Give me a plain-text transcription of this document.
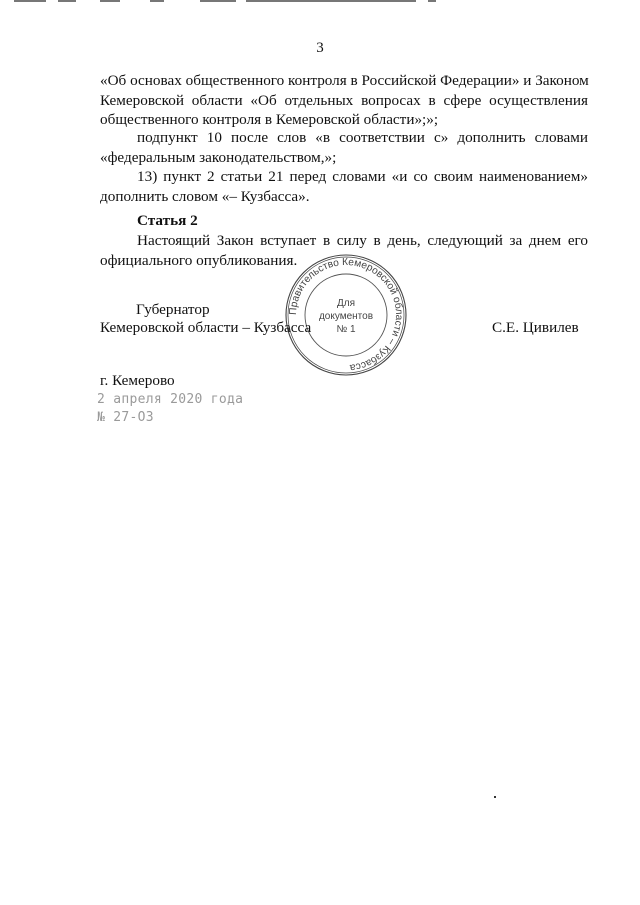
3
«Об основах общественного контроля в Российской Федерации» и Законом
Кемеровской области «Об отдельных вопросах в сфере осуществления
общественного контроля в Кемеровской области»;»;
подпункт 10 после слов «в соответствии с» дополнить словами
«федеральным законодательством,»;
13) пункт 2 статьи 21 перед словами «и со своим наименованием»
дополнить словом «– Кузбасса».
Статья 2
Настоящий Закон вступает в силу в день, следующий за днем его
официального опубликования.
Правительство Кемеровской области – Кузбасса
Для
документов
№ 1
Губернатор
Кемеровской области – Кузбасса	С.Е. Цивилев
г. Кемерово
2 апреля 2020 года
№ 27-ОЗ
